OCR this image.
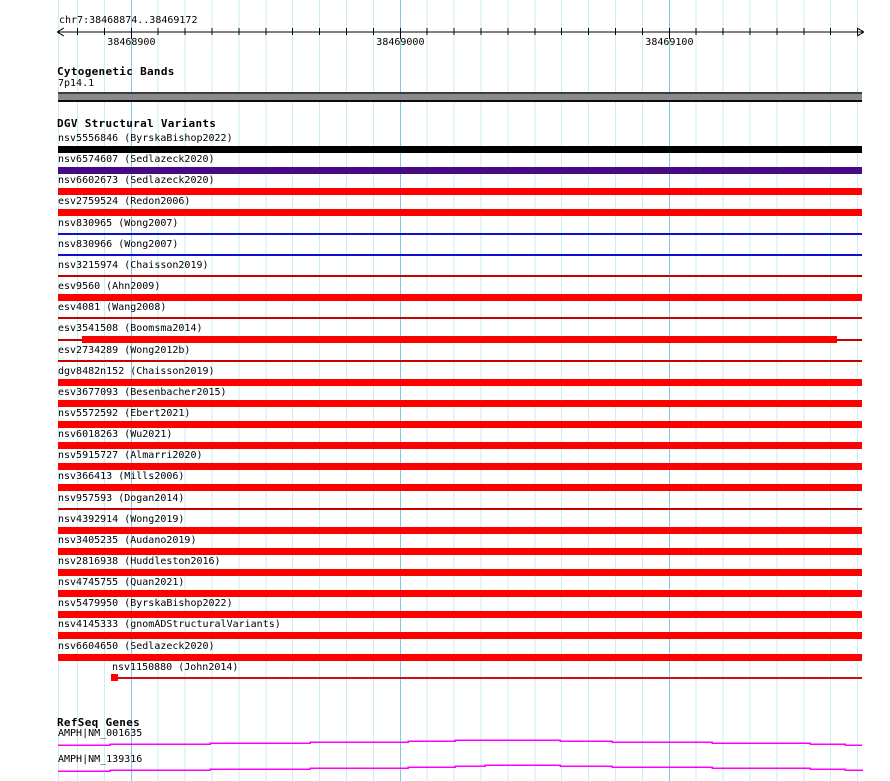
chr7:38468874..38469172
38468900	38469000	38469100
Cytogenetic Bands
7p14.1
DGV Structural Variants
nsv5556846 (ByrskaBishop2022)
nsv6574607 (Sedlazeck2020)
nsv6602673 (Sedlazeck2020)
esv2759524 (Redon2006)
nsv830965 (Wong2007)
nsv830966 (Wong2007)
nsv3215974 (Chaisson2019)
esv9560 (Ahn2009)
esv4081 (Wang2008)
esv3541508 (Boomsma2014)
esv2734289 (Wong2012b)
dgv8482n152 (Chaisson2019)
esv3677093 (Besenbacher2015)
nsv5572592 (Ebert2021)
nsv6018263 (Wu2021)
nsv5915727 (Almarri2020)
nsv366413 (Mills2006)
nsv957593 (Dogan2014)
nsv4392914 (Wong2019)
nsv3405235 (Audano2019)
nsv2816938 (Huddleston2016)
nsv4745755 (Quan2021)
nsv5479950 (ByrskaBishop2022)
nsv4145333 (gnomADStructuralVariants)
nsv6604650 (Sedlazeck2020)
nsv1150880 (John2014)
RefSeq Genes
AMPH|NM_001635
AMPH|NM_139316
